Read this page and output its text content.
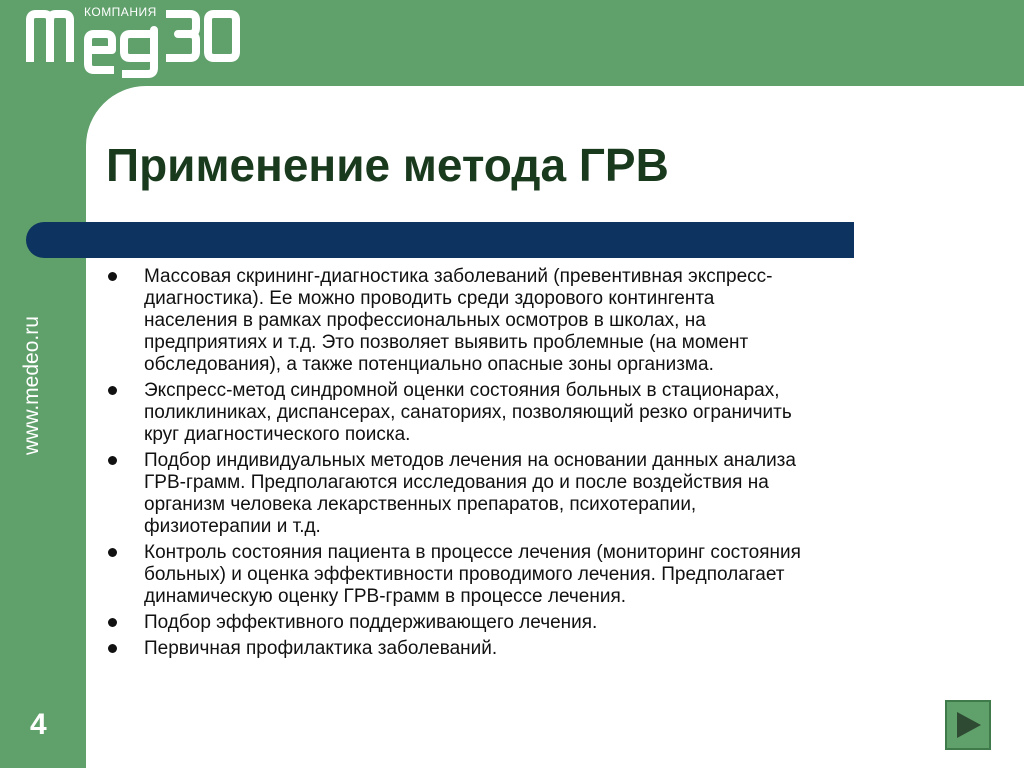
КОМПАНИЯ
Применение метода ГРВ
www.medeo.ru
4
Массовая скрининг-диагностика заболеваний (превентивная экспресс-
диагностика). Ее можно проводить среди здорового контингента
населения в рамках профессиональных осмотров в школах, на
предприятиях и т.д. Это позволяет выявить проблемные (на момент
обследования), а также потенциально опасные зоны организма.
Экспресс-метод синдромной оценки состояния больных в стационарах,
поликлиниках, диспансерах, санаториях, позволяющий резко ограничить
круг диагностического поиска.
Подбор индивидуальных методов лечения на основании данных анализа
ГРВ-грамм. Предполагаются исследования до и после воздействия на
организм человека лекарственных препаратов, психотерапии,
физиотерапии и т.д.
Контроль состояния пациента в процессе лечения (мониторинг состояния
больных) и оценка эффективности проводимого лечения. Предполагает
динамическую оценку ГРВ-грамм в процессе лечения.
Подбор эффективного поддерживающего лечения.
Первичная профилактика заболеваний.
